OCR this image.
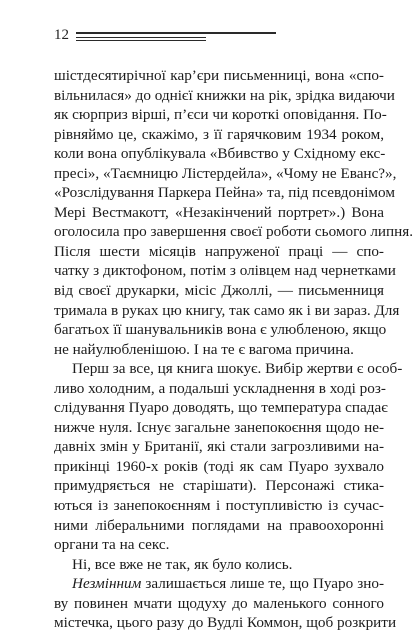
12
шістдесятирічної кар’єри письменниці, вона «спо-
вільнилася» до однієї книжки на рік, зрідка видаючи
як сюрприз вірші, п’єси чи короткі оповідання. По-
рівняймо це, скажімо, з її гарячковим 1934 роком,
коли вона опублікувала «Вбивство у Східному екс-
пресі», «Таємницю Лістердейла», «Чому не Еванс?»,
«Розслідування Паркера Пейна» та, під псевдонімом
Мері Вестмакотт, «Незакінчений портрет».) Вона
оголосила про завершення своєї роботи сьомого липня.
Після шести місяців напруженої праці — спо-
чатку з диктофоном, потім з олівцем над чернетками
від своєї друкарки, місіс Джоллі, — письменниця
тримала в руках цю книгу, так само як і ви зараз. Для
багатьох її шанувальників вона є улюбленою, якщо
не найулюбленішою. І на те є вагома причина.
Перш за все, ця книга шокує. Вибір жертви є особ-
ливо холодним, а подальші ускладнення в ході роз-
слідування Пуаро доводять, що температура спадає
нижче нуля. Існує загальне занепокоєння щодо не-
давніх змін у Британії, які стали загрозливими на-
прикінці 1960-х років (тоді як сам Пуаро зухвало
примудряється не старішати). Персонажі стика-
ються із занепокоєнням і поступливістю із сучас-
ними ліберальними поглядами на правоохоронні
органи та на секс.
Ні, все вже не так, як було колись.
Незмінним залишається лише те, що Пуаро зно-
ву повинен мчати щодуху до маленького сонного
містечка, цього разу до Вудлі Коммон, щоб розкрити
